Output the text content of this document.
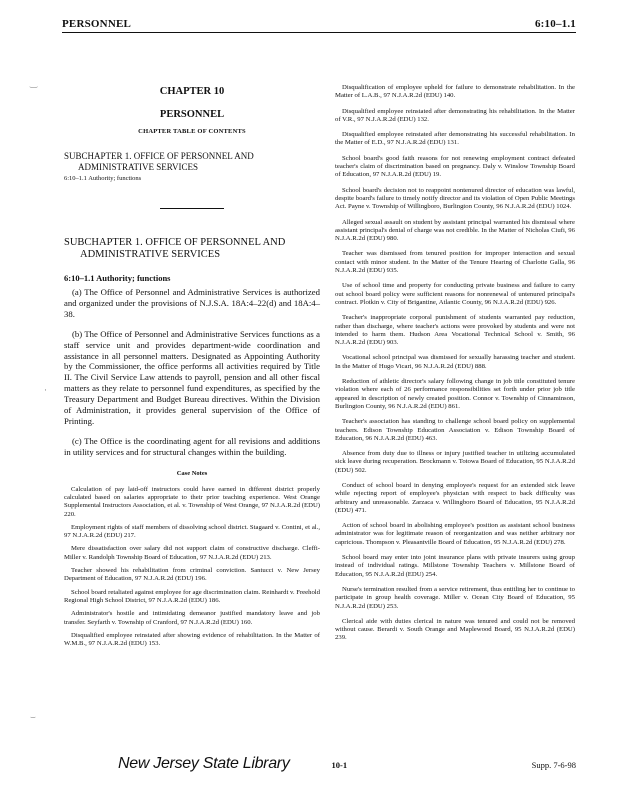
PERSONNEL	6:10–1.1
‿
·
⌣
CHAPTER 10
PERSONNEL
CHAPTER TABLE OF CONTENTS
SUBCHAPTER 1. OFFICE OF PERSONNEL AND
ADMINISTRATIVE SERVICES
6:10–1.1 Authority; functions
SUBCHAPTER 1. OFFICE OF PERSONNEL AND
ADMINISTRATIVE SERVICES
6:10–1.1 Authority; functions

(a) The Office of Personnel and Administrative Services is authorized and organized under the provisions of N.J.S.A. 18A:4–22(d) and 18A:4–38.

(b) The Office of Personnel and Administrative Services functions as a staff service unit and provides department-wide coordination and assistance in all personnel matters. Designated as Appointing Authority by the Commissioner, the office performs all activities required by Title II. The Civil Service Law attends to payroll, pension and all other fiscal matters as they relate to personnel fund expenditures, as specified by the Treasury Department and Budget Bureau directives. Within the Division of Administration, it provides general supervision of the Office of Printing.

(c) The Office is the coordinating agent for all revisions and additions in utility services and for structural changes within the building.

Case Notes

Calculation of pay laid-off instructors could have earned in different district properly calculated based on salaries appropriate to their prior teaching experience. West Orange Supplemental Instructors Association, et al. v. Township of West Orange, 97 N.J.A.R.2d (EDU) 220.

Employment rights of staff members of dissolving school district. Stagaard v. Contini, et al., 97 N.J.A.R.2d (EDU) 217.

Mere dissatisfaction over salary did not support claim of constructive discharge. Cleffi-Miller v. Randolph Township Board of Education, 97 N.J.A.R.2d (EDU) 213.

Teacher showed his rehabilitation from criminal conviction. Santucci v. New Jersey Department of Education, 97 N.J.A.R.2d (EDU) 196.

School board retaliated against employee for age discrimination claim. Reinhardt v. Freehold Regional High School District, 97 N.J.A.R.2d (EDU) 186.

Administrator's hostile and intimidating demeanor justified mandatory leave and job transfer. Seyfarth v. Township of Cranford, 97 N.J.A.R.2d (EDU) 160.

Disqualified employee reinstated after showing evidence of rehabilitation. In the Matter of W.M.B., 97 N.J.A.R.2d (EDU) 153.

Disqualification of employee upheld for failure to demonstrate rehabilitation. In the Matter of L.A.B., 97 N.J.A.R.2d (EDU) 140.

Disqualified employee reinstated after demonstrating his rehabilitation. In the Matter of V.R., 97 N.J.A.R.2d (EDU) 132.

Disqualified employee reinstated after demonstrating his successful rehabilitation. In the Matter of E.D., 97 N.J.A.R.2d (EDU) 131.

School board's good faith reasons for not renewing employment contract defeated teacher's claim of discrimination based on pregnancy. Daly v. Winslow Township Board of Education, 97 N.J.A.R.2d (EDU) 19.

School board's decision not to reappoint nontenured director of education was lawful, despite board's failure to timely notify director and its violation of Open Public Meetings Act. Payne v. Township of Willingboro, Burlington County, 96 N.J.A.R.2d (EDU) 1024.

Alleged sexual assault on student by assistant principal warranted his dismissal where assistant principal's denial of charge was not credible. In the Matter of Nicholas Ciufi, 96 N.J.A.R.2d (EDU) 980.

Teacher was dismissed from tenured position for improper interaction and sexual contact with minor student. In the Matter of the Tenure Hearing of Charlotte Galla, 96 N.J.A.R.2d (EDU) 935.

Use of school time and property for conducting private business and failure to carry out school board policy were sufficient reasons for nonrenewal of untenured principal's contract. Plotkin v. City of Brigantine, Atlantic County, 96 N.J.A.R.2d (EDU) 926.

Teacher's inappropriate corporal punishment of students warranted pay reduction, rather than discharge, where teacher's actions were provoked by students and were not intended to harm them. Hudson Area Vocational Technical School v. Smith, 96 N.J.A.R.2d (EDU) 903.

Vocational school principal was dismissed for sexually harassing teacher and student. In the Matter of Hugo Vicari, 96 N.J.A.R.2d (EDU) 888.

Reduction of athletic director's salary following change in job title constituted tenure violation where each of 26 performance responsibilities set forth under prior job title appeared in description of newly created position. Connor v. Township of Cinnaminson, Burlington County, 96 N.J.A.R.2d (EDU) 861.

Teacher's association has standing to challenge school board policy on supplemental teachers. Edison Township Education Association v. Edison Township Board of Education, 96 N.J.A.R.2d (EDU) 463.

Absence from duty due to illness or injury justified teacher in utilizing accumulated sick leave during recuperation. Brockmann v. Totowa Board of Education, 95 N.J.A.R.2d (EDU) 502.

Conduct of school board in denying employee's request for an extended sick leave while rejecting report of employee's physician with respect to back difficulty was arbitrary and unreasonable. Zarzaca v. Willingboro Board of Education, 95 N.J.A.R.2d (EDU) 471.

Action of school board in abolishing employee's position as assistant school business administrator was for legitimate reason of reorganization and was neither arbitrary nor capricious. Thompson v. Pleasantville Board of Education, 95 N.J.A.R.2d (EDU) 278.

School board may enter into joint insurance plans with private insurers using group instead of individual ratings. Millstone Township Teachers v. Millstone Board of Education, 95 N.J.A.R.2d (EDU) 254.

Nurse's termination resulted from a service retirement, thus entitling her to continue to participate in group health coverage. Miller v. Ocean City Board of Education, 95 N.J.A.R.2d (EDU) 253.

Clerical aide with duties clerical in nature was tenured and could not be removed without cause. Berardi v. South Orange and Maplewood Board, 95 N.J.A.R.2d (EDU) 239.

New Jersey State Library	10-1	Supp. 7-6-98
